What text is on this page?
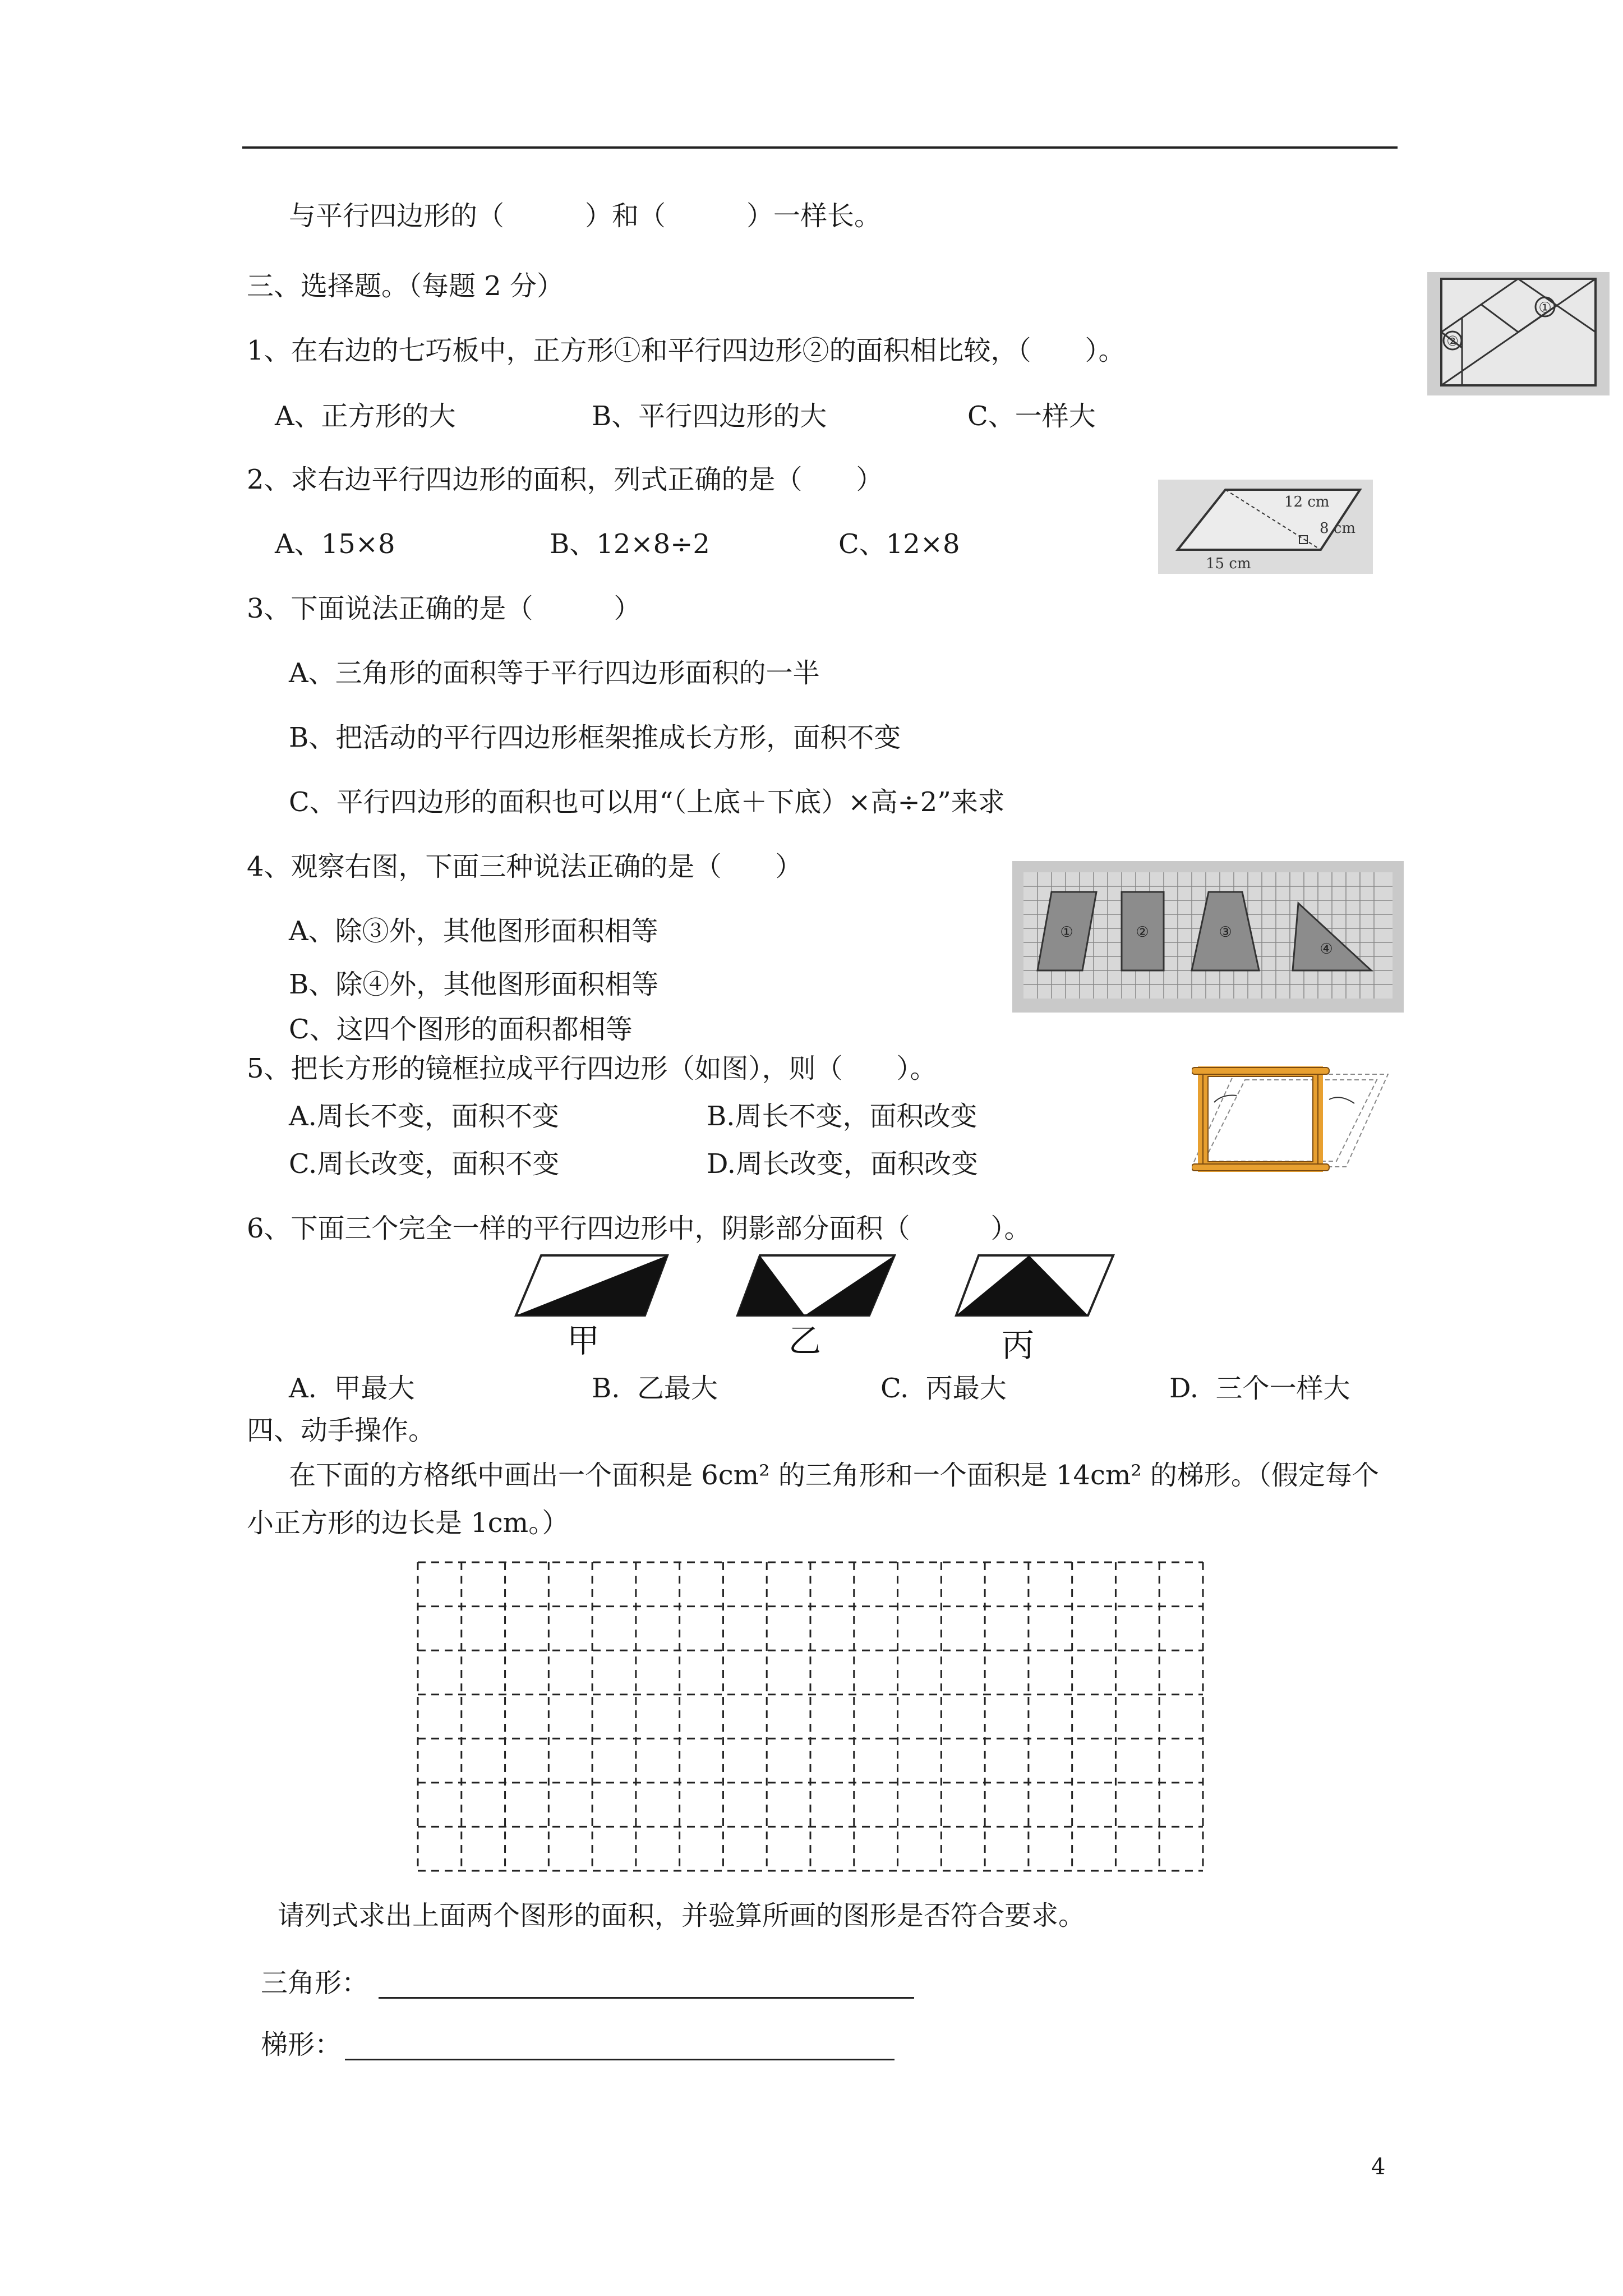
与平行四边形的（　　　）和（　　　）一样长。
三、选择题。（每题 2 分）
1、在右边的七巧板中，正方形①和平行四边形②的面积相比较，（　　）。
A、正方形的大	B、平行四边形的大	C、一样大
①
②
2、求右边平行四边形的面积，列式正确的是（　　）
A、15×8	B、12×8÷2	C、12×8
12 cm
8 cm
15 cm
3、下面说法正确的是（　　　）
A、三角形的面积等于平行四边形面积的一半
B、把活动的平行四边形框架推成长方形，面积不变
C、平行四边形的面积也可以用“（上底＋下底）×高÷2”来求
4、观察右图，下面三种说法正确的是（　　）
A、除③外，其他图形面积相等
B、除④外，其他图形面积相等
C、这四个图形的面积都相等
①	②	③
④
5、把长方形的镜框拉成平行四边形（如图），则（　　）。
A.周长不变，面积不变	B.周长不变，面积改变
C.周长改变，面积不变	D.周长改变，面积改变
6、下面三个完全一样的平行四边形中，阴影部分面积（　　　）。
甲	乙	丙
A.  甲最大	B.  乙最大	C.  丙最大	D.  三个一样大
四、动手操作。
在下面的方格纸中画出一个面积是 6cm² 的三角形和一个面积是 14cm² 的梯形。（假定每个
小正方形的边长是 1cm。）
请列式求出上面两个图形的面积，并验算所画的图形是否符合要求。
三角形：
梯形：
4
